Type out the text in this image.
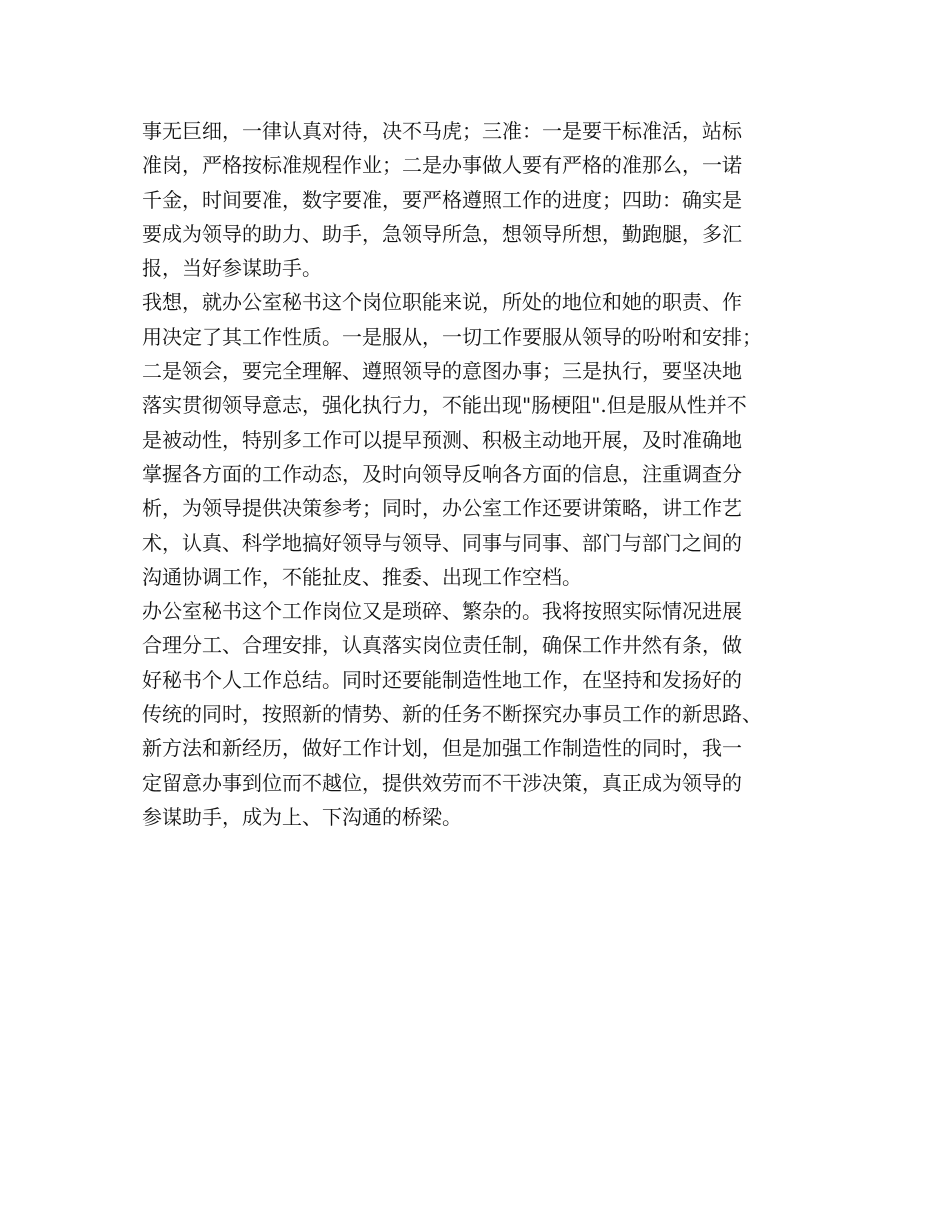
事无巨细，一律认真对待，决不马虎；三准：一是要干标准活，站标
准岗，严格按标准规程作业；二是办事做人要有严格的准那么，一诺
千金，时间要准，数字要准，要严格遵照工作的进度；四助：确实是
要成为领导的助力、助手，急领导所急，想领导所想，勤跑腿，多汇
报，当好参谋助手。
我想，就办公室秘书这个岗位职能来说，所处的地位和她的职责、作
用决定了其工作性质。一是服从，一切工作要服从领导的吩咐和安排；
二是领会，要完全理解、遵照领导的意图办事；三是执行，要坚决地
落实贯彻领导意志，强化执行力，不能出现"肠梗阻".但是服从性并不
是被动性，特别多工作可以提早预测、积极主动地开展，及时准确地
掌握各方面的工作动态，及时向领导反响各方面的信息，注重调查分
析，为领导提供决策参考；同时，办公室工作还要讲策略，讲工作艺
术，认真、科学地搞好领导与领导、同事与同事、部门与部门之间的
沟通协调工作，不能扯皮、推委、出现工作空档。
办公室秘书这个工作岗位又是琐碎、繁杂的。我将按照实际情况进展
合理分工、合理安排，认真落实岗位责任制，确保工作井然有条，做
好秘书个人工作总结。同时还要能制造性地工作，在坚持和发扬好的
传统的同时，按照新的情势、新的任务不断探究办事员工作的新思路、
新方法和新经历，做好工作计划，但是加强工作制造性的同时，我一
定留意办事到位而不越位，提供效劳而不干涉决策，真正成为领导的
参谋助手，成为上、下沟通的桥梁。
